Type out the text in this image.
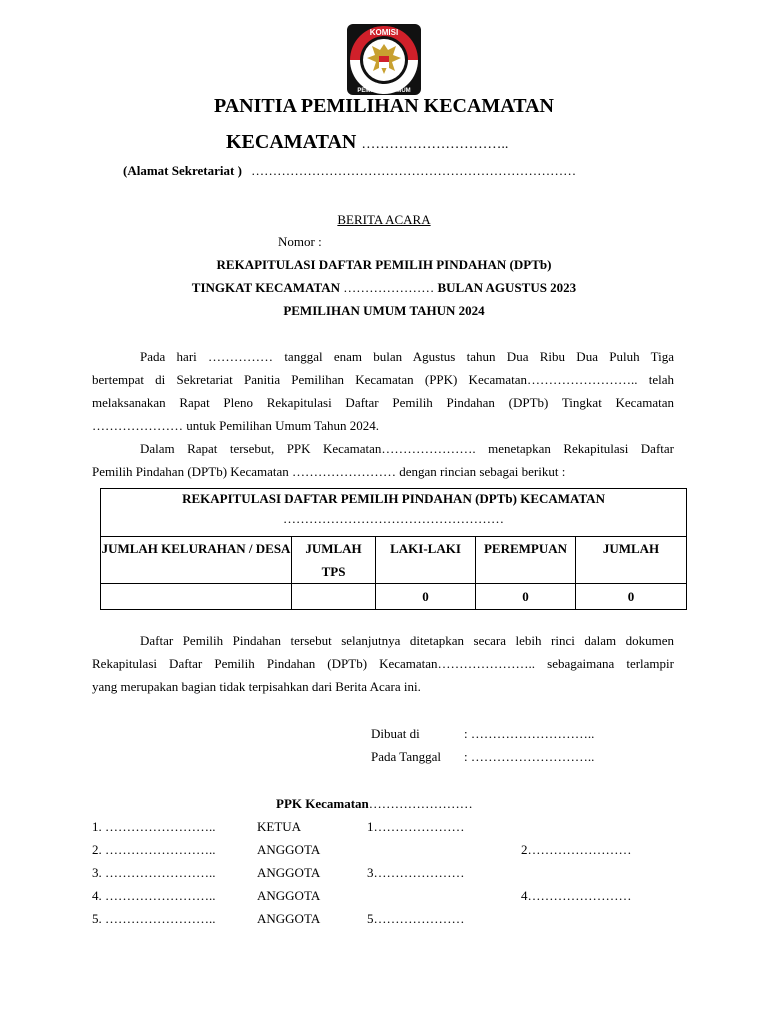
KOMISI
PEMILIHAN UMUM
PANITIA PEMILIHAN KECAMATAN
KECAMATAN …………………………..
(Alamat Sekretariat ) …………………………………………………………………
BERITA ACARA
Nomor :
REKAPITULASI DAFTAR PEMILIH PINDAHAN (DPTb)
TINGKAT KECAMATAN ………………… BULAN AGUSTUS 2023
PEMILIHAN UMUM TAHUN 2024
Pada hari …………… tanggal enam bulan Agustus tahun Dua Ribu Dua Puluh Tiga
bertempat di Sekretariat Panitia Pemilihan Kecamatan (PPK) Kecamatan…………………….. telah
melaksanakan Rapat Pleno Rekapitulasi Daftar Pemilih Pindahan (DPTb) Tingkat Kecamatan
………………… untuk Pemilihan Umum Tahun 2024.
Dalam Rapat tersebut, PPK Kecamatan…………………. menetapkan Rekapitulasi Daftar
Pemilih Pindahan (DPTb) Kecamatan …………………… dengan rincian sebagai berikut :
REKAPITULASI DAFTAR PEMILIH PINDAHAN (DPTb) KECAMATAN
……………………………………………				

JUMLAH KELURAHAN / DESA	JUMLAH TPS	LAKI-LAKI	PEREMPUAN	JUMLAH
		0	0	0
Daftar Pemilih Pindahan tersebut selanjutnya ditetapkan secara lebih rinci dalam dokumen
Rekapitulasi Daftar Pemilih Pindahan (DPTb) Kecamatan………………….. sebagaimana terlampir
yang merupakan bagian tidak terpisahkan dari Berita Acara ini.
Dibuat di	: ………………………..
Pada Tanggal : ………………………..
PPK Kecamatan……………………
1. ……………………..	KETUA	1…………………
2. ……………………..	ANGGOTA	2……………………
3. ……………………..	ANGGOTA	3…………………
4. ……………………..	ANGGOTA	4……………………
5. ……………………..	ANGGOTA	5…………………
